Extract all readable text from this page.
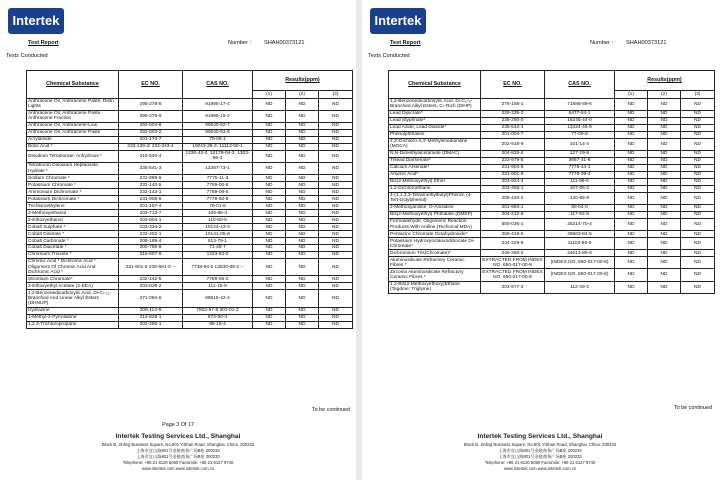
Intertek
Test Report	Number : SHAH00373121
Tests Conducted
Chemical Substance	EC NO.	CAS NO.	Results(ppm)		
			(1)	(2)	(3)
Anthracene Oil, Anthracene Paste, Distn. Lights	295-278-5	91995-17-4	ND	ND	ND
Anthracene Oil, Anthracene Paste, Anthracene Fraction	295-275-9	91995-15-2	ND	ND	ND
Anthracene Oil, Anthracene-Low	292-604-8	90640-82-7	ND	ND	ND
Anthracene Oil, Anthracene Paste	292-603-2	90640-81-6	ND	ND	ND
Acrylamide	201-173-7	79-06-1	ND	ND	ND
Boric Acid *	233-139-2/ 234-343-4	10043-35-3, 11113-50-1	ND	ND	ND
Disodium Tetraborate, Anhydrous *	215-540-4	1330-43-4, 12179-04-3, 1303-96-4	ND	ND	ND
Tetraboron Disodium Heptaoxide, Hydrate *	235-541-3	12267-73-1	ND	ND	ND
Sodium Chromate *	231-889-5	7775-11-3	ND	ND	ND
Potassium Chromate *	232-140-5	7789-00-6	ND	ND	ND
Ammonium Dichromate *	232-143-1	7789-09-5	ND	ND	ND
Potassium Dichromate *	231-906-6	7778-50-9	ND	ND	ND
Trichloroethylene	201-167-4	79-01-6	ND	ND	ND
2-Methoxyethanol	203-713-7	109-86-4	ND	ND	ND
2-Ethoxyethanol	203-804-1	110-80-5	ND	ND	ND
Cobalt Sulphate *	233-334-2	10124-43-3	ND	ND	ND
Cobalt Dinitrate *	233-402-1	10141-05-6	ND	ND	ND
Cobalt Carbonate *	208-169-4	513-79-1	ND	ND	ND
Cobalt Diacetate *	200-755-8	71-48-7	ND	ND	ND
Chromium Trioxide *	215-607-8	1333-82-0	ND	ND	ND
Chromic Acid * Dichromic Acid * Oligomers Of Chromic Acid And Dichromic Acid *	231-801-5 236-881-5 --	7738-94-5 13530-68-2 --	ND	ND	ND
Strontium Chromate*	232-142-6	7789-06-2	ND	ND	ND
2-Ethoxyethyl Acetate (2-EEA)	203-839-2	111-15-9	ND	ND	ND
1,2-Benzenedicarboxylic Acid, Di-C₇-₁₁-Branched And Linear Alkyl Esters (DHNUP)	271-084-6	68515-42-4	ND	ND	ND
Hydrazine	206-114-9	7803-57-8 302-01-2	ND	ND	ND
1-Methyl-2-Pyrrolidone	212-828-1	872-50-4	ND	ND	ND
1,2,3-Trichloropropane	202-486-1	96-18-4	ND	ND	ND
To be continued
Page 3 Of 17
Intertek Testing Services Ltd., Shanghai
Block B, Jinling Business Square, No.801 YiShan Road, Shanghai, China. 200233
上海市宜山路801号金陵商务广场B座 200233
上海市宜山路801号金陵商务广场B座 200233
Telephone: +86 21 6120 6060 Facsimile: +86 21 6127 9740
www.intertek.com www.intertek.com.cn
Intertek
Test Report	Number : SHAH00373121
Tests Conducted
Chemical Substance	EC NO.	CAS NO.	Results(ppm)		
			(1)	(2)	(3)
1,2-Benzenedicarboxylic Acid, Di-C₆-₈-Branched Alkyl Esters, C₇-Rich (DIHP)	276-158-1	71888-89-6	ND	ND	ND
Lead Dipicrate*	229-335-2	6477-64-1	ND	ND	ND
Lead Styphnate*	239-290-0	15245-44-0	ND	ND	ND
Lead Azide, Lead Diazide*	236-542-1	13424-46-9	ND	ND	ND
Phenolphthalein	201-004-7	77-09-8	ND	ND	ND
2,2'-Dichloro-4,4'-Methylenedianiline (MOCA)	202-918-9	101-14-4	ND	ND	ND
N,N-Dimethylacetamide (DMAC)	204-826-4	127-19-5	ND	ND	ND
Trilead Diarsenate*	222-979-5	3687-31-8	ND	ND	ND
Calcium Arsenate*	231-904-5	7778-44-1	ND	ND	ND
Arsenic Acid*	231-901-9	7778-39-4	ND	ND	ND
Bis(2-Methoxyethyl) Ether	203-924-4	111-96-6	ND	ND	ND
1,2-Dichloroethane	203-458-1	107-06-2	ND	ND	ND
4-(1,1,3,3-Tetramethylbutyl)Phenol, (4-Tert-Octylphenol)	205-426-2	140-66-9	ND	ND	ND
2-Methoxyaniline; O-Anisidine	201-963-1	90-04-0	ND	ND	ND
Bis(2-Methoxyethyl) Phthalate (DMEP)	204-212-6	117-82-8	ND	ND	ND
Formaldehyde, Oligomeric Reaction Products With Aniline (Technical MDA)	500-036-1	25214-70-4	ND	ND	ND
Pentazinc Chromate Octahydroxide*	256-418-0	49663-84-5	ND	ND	ND
Potassium Hydroxyoctaoxodizincate Di-Chromate*	234-329-8	11103-86-9	ND	ND	ND
Dichromium Tris(Chromate)*	246-356-2	24613-89-6	ND	ND	ND
Aluminosilicate Refractory Ceramic Fibres *	EXTRACTED FROM INDEX NO. 650-017-00-8	(INDEX NO. 650-017-00-8)	ND	ND	ND
Zirconia Aluminosilicate Refractory Ceramic Fibres *	EXTRACTED FROM INDEX NO. 650-017-00-8	(INDEX NO. 650-017-00-8)	ND	ND	ND
1,2-Bis(2-Methoxyethoxy)Ethane (Tegdme; Triglyme)	203-977-3	112-49-2	ND	ND	ND
To be continued
Intertek Testing Services Ltd., Shanghai
Block B, Jinling Business Square, No.801 YiShan Road, Shanghai, China. 200233
上海市宜山路801号金陵商务广场B座 200233
上海市宜山路801号金陵商务广场B座 200233
Telephone: +86 21 6120 6060 Facsimile: +86 21 6127 9740
www.intertek.com www.intertek.com.cn
